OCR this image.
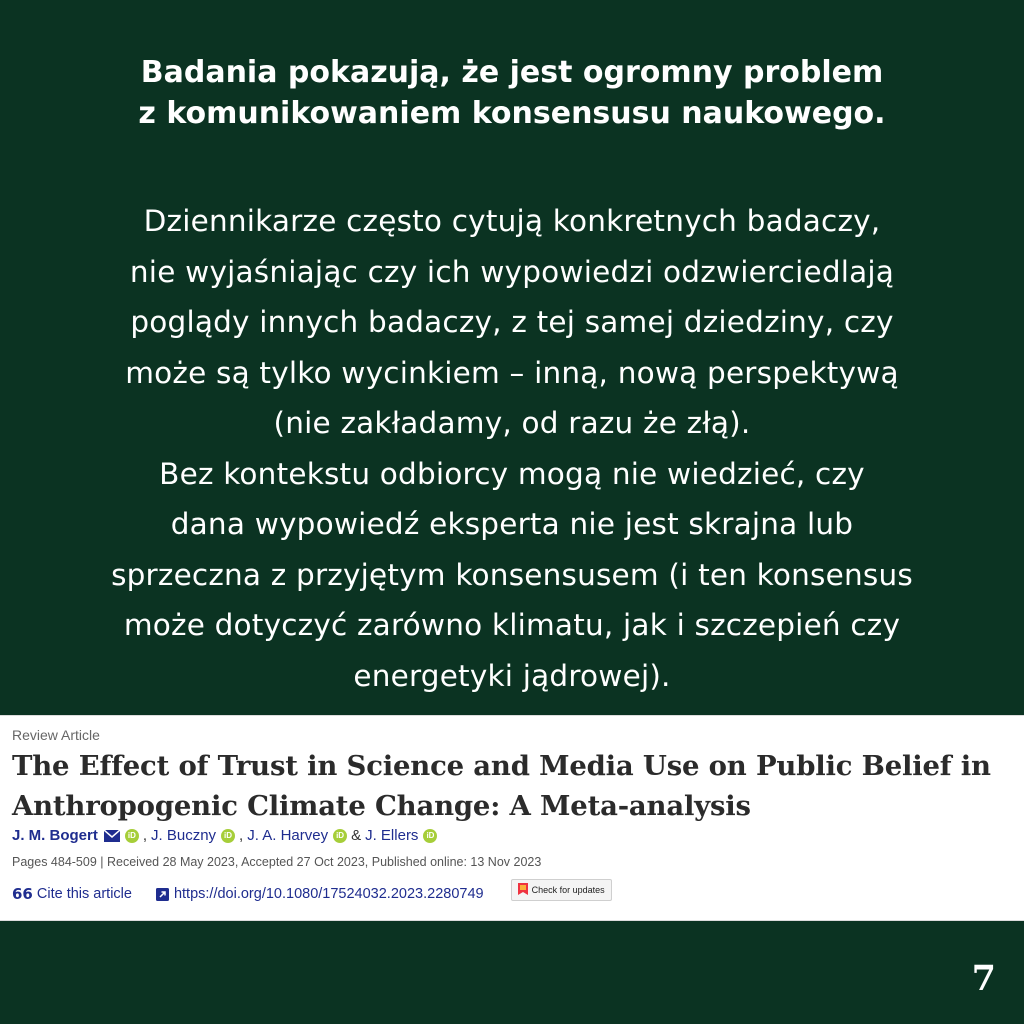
Badania pokazują, że jest ogromny problem
z komunikowaniem konsensusu naukowego.
Dziennikarze często cytują konkretnych badaczy,
nie wyjaśniając czy ich wypowiedzi odzwierciedlają
poglądy innych badaczy, z tej samej dziedziny, czy
może są tylko wycinkiem – inną, nową perspektywą
(nie zakładamy, od razu że złą).
Bez kontekstu odbiorcy mogą nie wiedzieć, czy
dana wypowiedź eksperta nie jest skrajna lub
sprzeczna z przyjętym konsensusem (i ten konsensus
może dotyczyć zarówno klimatu, jak i szczepień czy
energetyki jądrowej).
Review Article
The Effect of Trust in Science and Media Use on Public Belief in
Anthropogenic Climate Change: A Meta-analysis
J. M. Bogert	iD , J. Buczny	iD , J. A. Harvey	iD & J. Ellers	iD
Pages 484-509 | Received 28 May 2023, Accepted 27 Oct 2023, Published online: 13 Nov 2023
66 Cite this article	https://doi.org/10.1080/17524032.2023.2280749	Check for updates
7
